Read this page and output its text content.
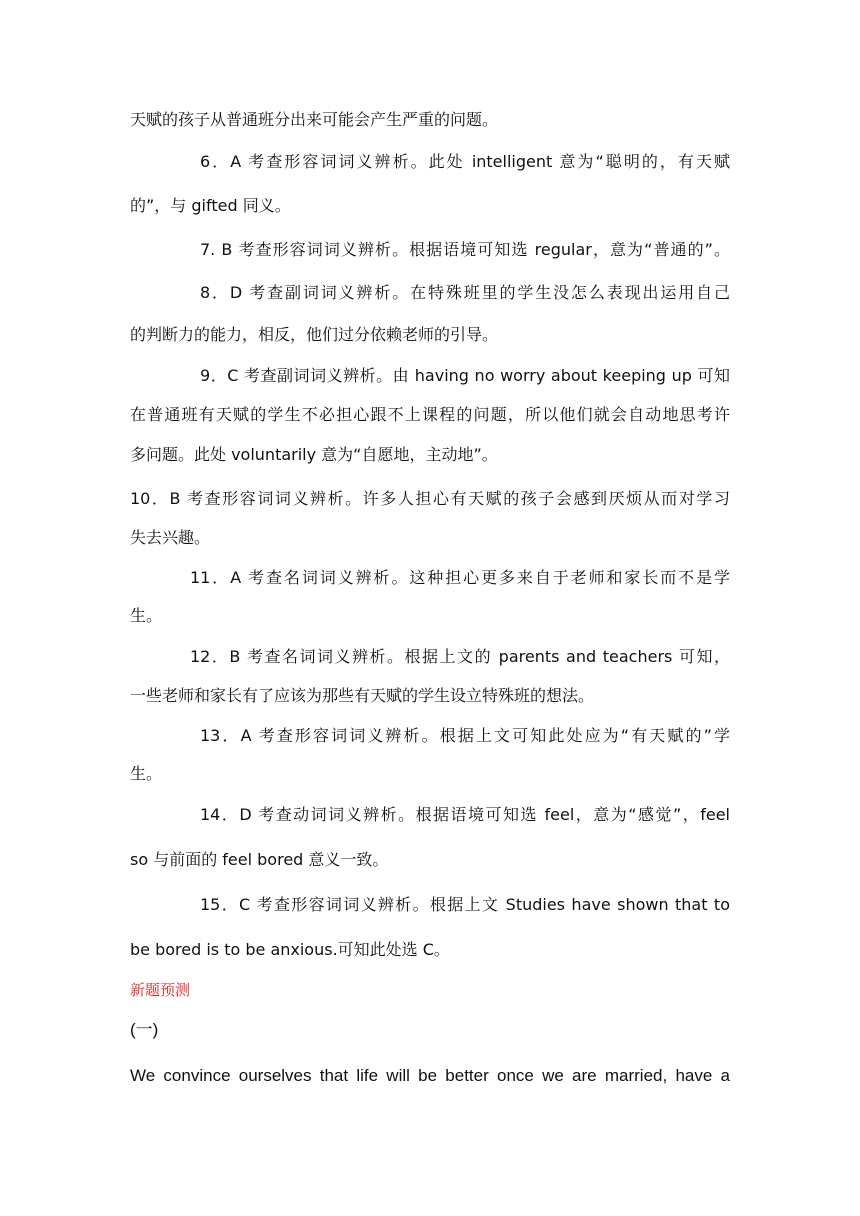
天赋的孩子从普通班分出来可能会产生严重的问题。
6．A 考查形容词词义辨析。此处 intelligent 意为“聪明的，有天赋
的”，与 gifted 同义。
7. B 考查形容词词义辨析。根据语境可知选 regular，意为“普通的”。
8．D 考查副词词义辨析。在特殊班里的学生没怎么表现出运用自己
的判断力的能力，相反，他们过分依赖老师的引导。
9．C 考查副词词义辨析。由 having no worry about keeping up 可知
在普通班有天赋的学生不必担心跟不上课程的问题，所以他们就会自动地思考许
多问题。此处 voluntarily 意为“自愿地，主动地”。
10．B 考查形容词词义辨析。许多人担心有天赋的孩子会感到厌烦从而对学习
失去兴趣。
11．A 考查名词词义辨析。这种担心更多来自于老师和家长而不是学
生。
12．B 考查名词词义辨析。根据上文的 parents and teachers 可知，
一些老师和家长有了应该为那些有天赋的学生设立特殊班的想法。
13．A 考查形容词词义辨析。根据上文可知此处应为“有天赋的”学
生。
14．D 考查动词词义辨析。根据语境可知选 feel，意为“感觉”，feel
so 与前面的 feel bored 意义一致。
15．C 考查形容词词义辨析。根据上文 Studies have shown that to
be bored is to be anxious.可知此处选 C。
新题预测
(一)
We convince ourselves that life will be better once we are married, have a
